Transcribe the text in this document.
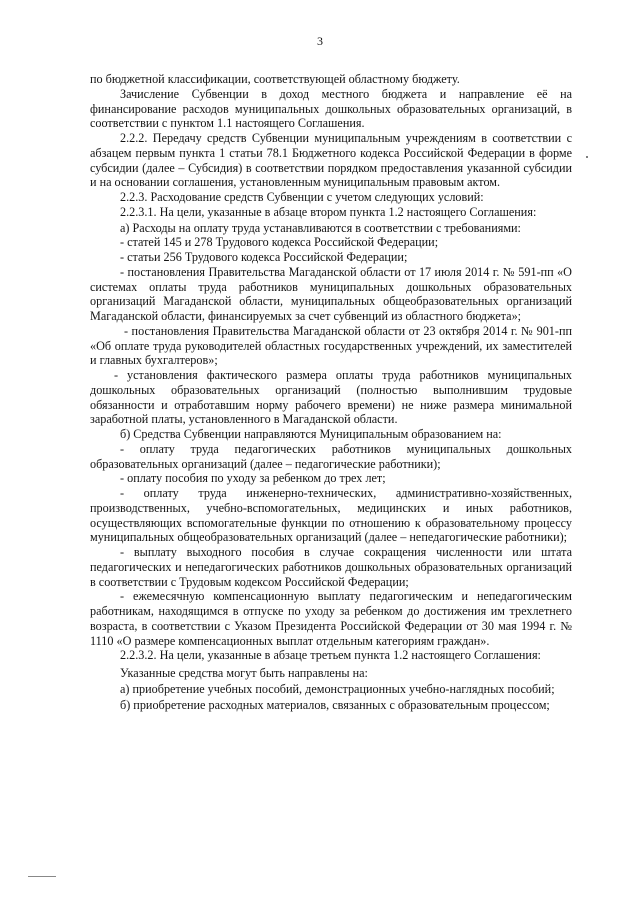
3

по бюджетной классификации, соответствующей областному бюджету.

Зачисление Субвенции в доход местного бюджета и направление её на финансирование расходов муниципальных дошкольных образовательных организаций, в соответствии с пунктом 1.1 настоящего Соглашения.

2.2.2. Передачу средств Субвенции муниципальным учреждениям в соответствии с абзацем первым пункта 1 статьи 78.1 Бюджетного кодекса Российской Федерации в форме субсидии (далее – Субсидия) в соответствии порядком предоставления указанной субсидии и на основании соглашения, установленным муниципальным правовым актом.

2.2.3. Расходование средств Субвенции с учетом следующих условий:

2.2.3.1. На цели, указанные в абзаце втором пункта 1.2 настоящего Соглашения:

а) Расходы на оплату труда устанавливаются в соответствии с требованиями:

- статей 145 и 278 Трудового кодекса Российской Федерации;

- статьи 256 Трудового кодекса Российской Федерации;

- постановления Правительства Магаданской области от 17 июля 2014 г. № 591-пп «О системах оплаты труда работников муниципальных дошкольных образовательных организаций Магаданской области, муниципальных общеобразовательных организаций Магаданской области, финансируемых за счет субвенций из областного бюджета»;

- постановления Правительства Магаданской области от 23 октября 2014 г. № 901-пп «Об оплате труда руководителей областных государственных учреждений, их заместителей и главных бухгалтеров»;

- установления фактического размера оплаты труда работников муниципальных дошкольных образовательных организаций (полностью выполнившим трудовые обязанности и отработавшим норму рабочего времени) не ниже размера минимальной заработной платы, установленного в Магаданской области.

б) Средства Субвенции направляются Муниципальным образованием на:

- оплату труда педагогических работников муниципальных дошкольных образовательных организаций (далее – педагогические работники);

- оплату пособия по уходу за ребенком до трех лет;

- оплату труда инженерно-технических, административно-хозяйственных, производственных, учебно-вспомогательных, медицинских и иных работников, осуществляющих вспомогательные функции по отношению к образовательному процессу муниципальных общеобразовательных организаций (далее – непедагогические работники);

- выплату выходного пособия в случае сокращения численности или штата педагогических и непедагогических работников дошкольных образовательных организаций в соответствии с Трудовым кодексом Российской Федерации;

- ежемесячную компенсационную выплату педагогическим и непедагогическим работникам, находящимся в отпуске по уходу за ребенком до достижения им трехлетнего возраста, в соответствии с Указом Президента Российской Федерации от 30 мая 1994 г. № 1110 «О размере компенсационных выплат отдельным категориям граждан».

2.2.3.2. На цели, указанные в абзаце третьем пункта 1.2 настоящего Соглашения:

Указанные средства могут быть направлены на:

а) приобретение учебных пособий, демонстрационных учебно-наглядных пособий;

б) приобретение расходных материалов, связанных с образовательным процессом;
